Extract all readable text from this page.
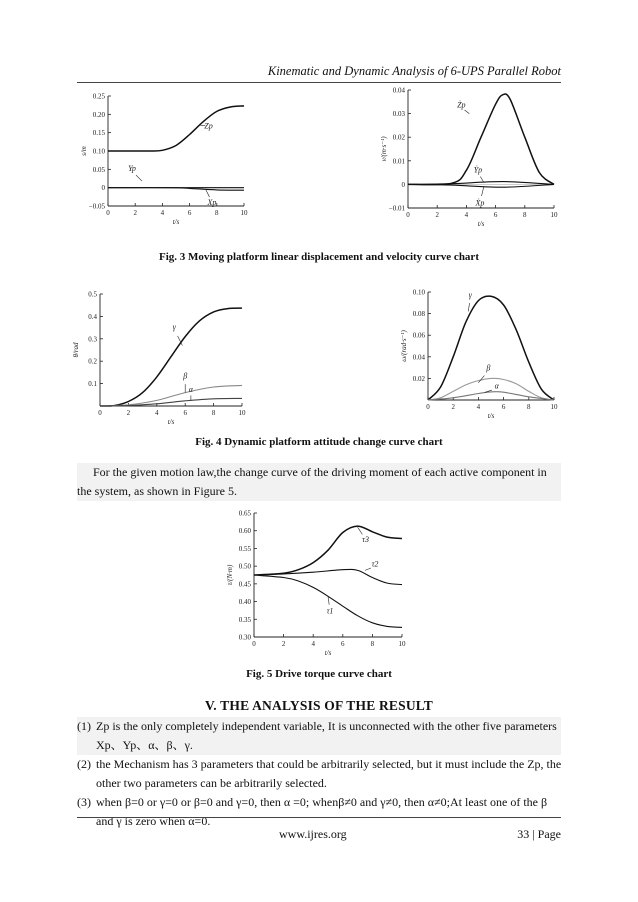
Kinematic and Dynamic Analysis of 6-UPS Parallel Robot
0.25
0.20
0.15
0.10
0.05
0
−0.05
0	2	4	6	8	10
t/s
s/m
Zp
Yp
Xp
0.04
0.03
0.02
0.01
0
−0.01
0	2	4	6	8	10
t/s
v/(m·s⁻¹)
Żp
Ẏp
Ẋp
Fig. 3 Moving platform linear displacement and velocity curve chart
0.5
0.4
0.3
0.2
0.1
0	2	4	6	8	10
t/s
θ/rad
γ
β
α
0.10
0.08
0.06
0.04
0.02
0	2	4	6	8	10
t/s
ω/(rad·s⁻¹)
γ
β
α
Fig. 4 Dynamic platform attitude change curve chart
For the given motion law,the change curve of the driving moment of each active component in the system, as shown in Figure 5.
0.65
0.60
0.55
0.50
0.45
0.40
0.35
0.30
0	2	4	6	8	10
t/s
τ/(N·m)
τ3
τ2
τ1
Fig. 5 Drive torque curve chart
V. THE ANALYSIS OF THE RESULT
(1) Zp is the only completely independent variable, It is unconnected with the other five parameters Xp、Yp、α、β、γ.
(2) the Mechanism has 3 parameters that could be arbitrarily selected, but it must include the Zp, the other two parameters can be arbitrarily selected.
(3) when β=0 or γ=0 or β=0 and γ=0, then α =0; whenβ≠0 and γ≠0, then α≠0;At least one of the β and γ is zero when α=0.
www.ijres.org	33 | Page
